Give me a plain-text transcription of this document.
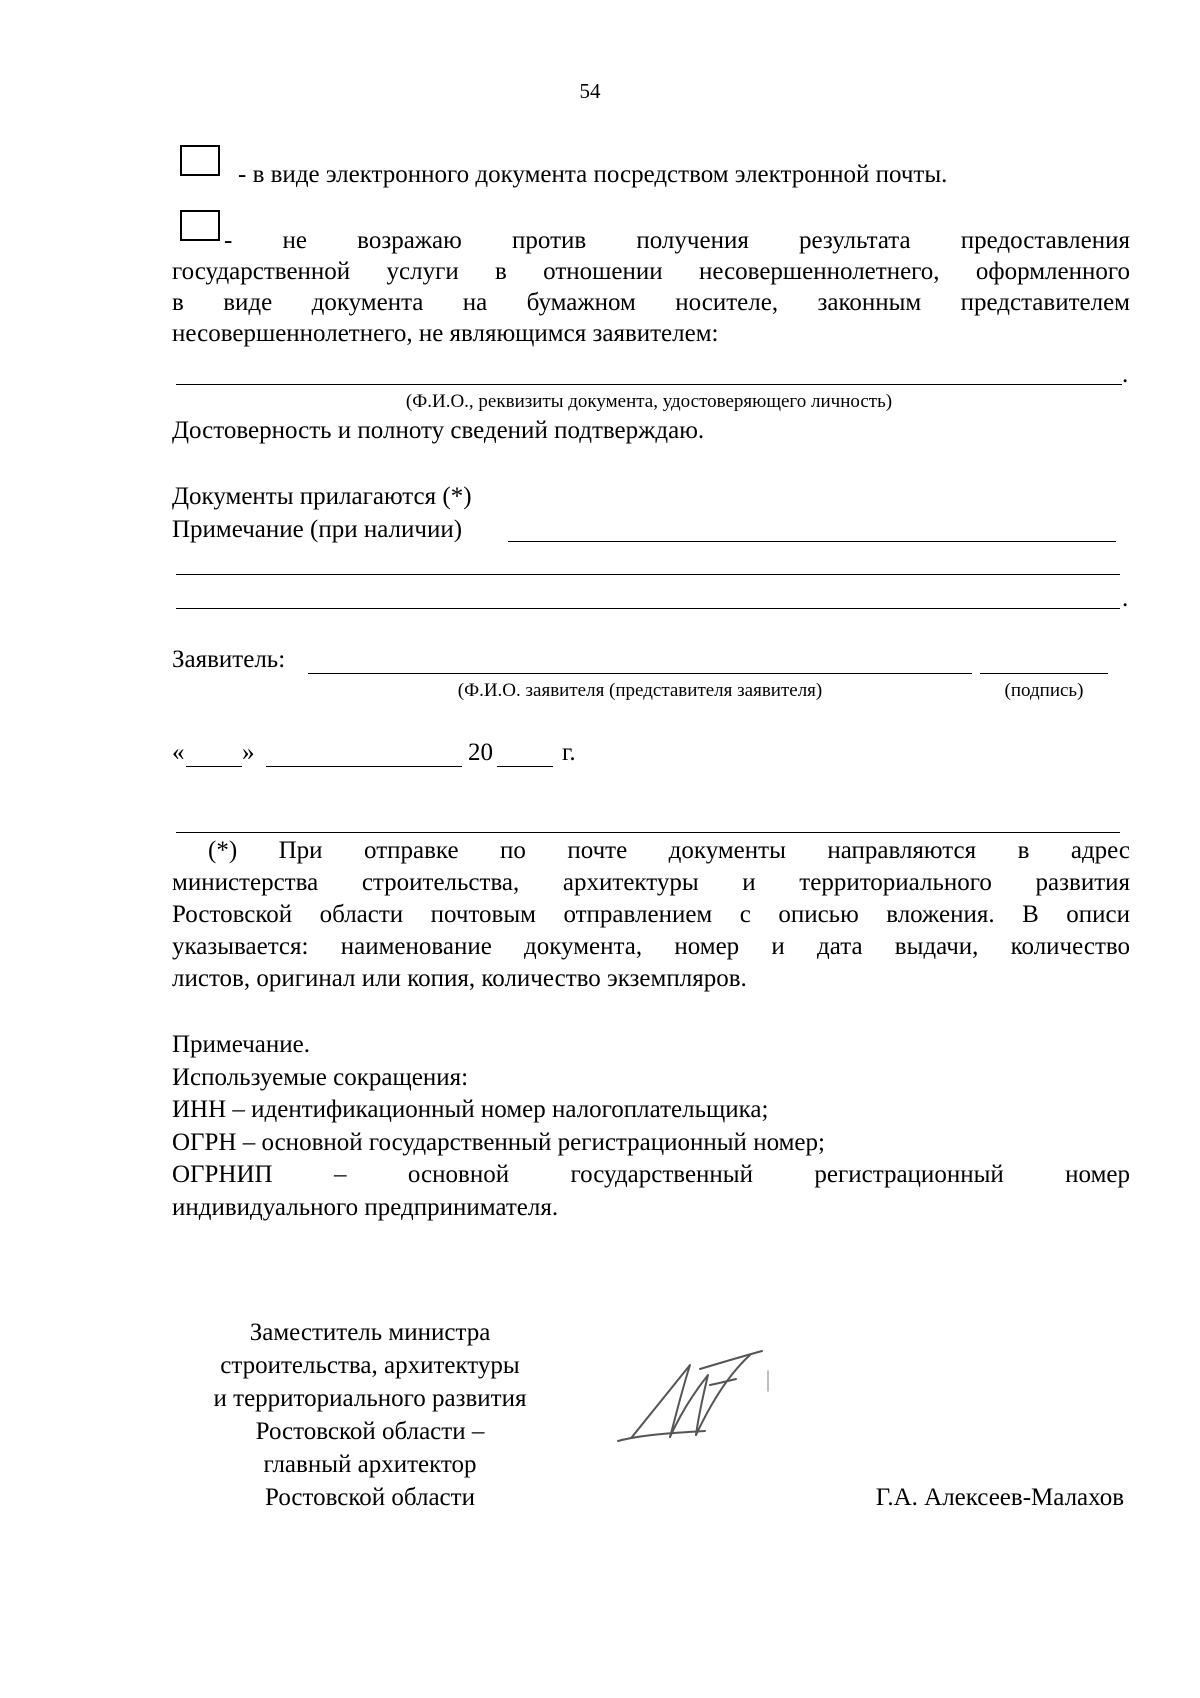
54
- в виде электронного документа посредством электронной почты.
- не возражаю против получения результата предоставления
государственной услуги в отношении несовершеннолетнего, оформленного
в виде документа на бумажном носителе, законным представителем
несовершеннолетнего, не являющимся заявителем:
.
(Ф.И.О., реквизиты документа, удостоверяющего личность)
Достоверность и полноту сведений подтверждаю.
Документы прилагаются (*)
Примечание (при наличии)
.
Заявитель:
(Ф.И.О. заявителя (представителя заявителя)	(подпись)
« »	20	г.
(*) При отправке по почте документы направляются в адрес
министерства строительства, архитектуры и территориального развития
Ростовской области почтовым отправлением с описью вложения. В описи
указывается: наименование документа, номер и дата выдачи, количество
листов, оригинал или копия, количество экземпляров.
Примечание.
Используемые сокращения:
ИНН – идентификационный номер налогоплательщика;
ОГРН – основной государственный регистрационный номер;
ОГРНИП – основной государственный регистрационный номер
индивидуального предпринимателя.
Заместитель министра
строительства, архитектуры
и территориального развития
Ростовской области –
главный архитектор
Ростовской области	Г.А. Алексеев-Малахов
